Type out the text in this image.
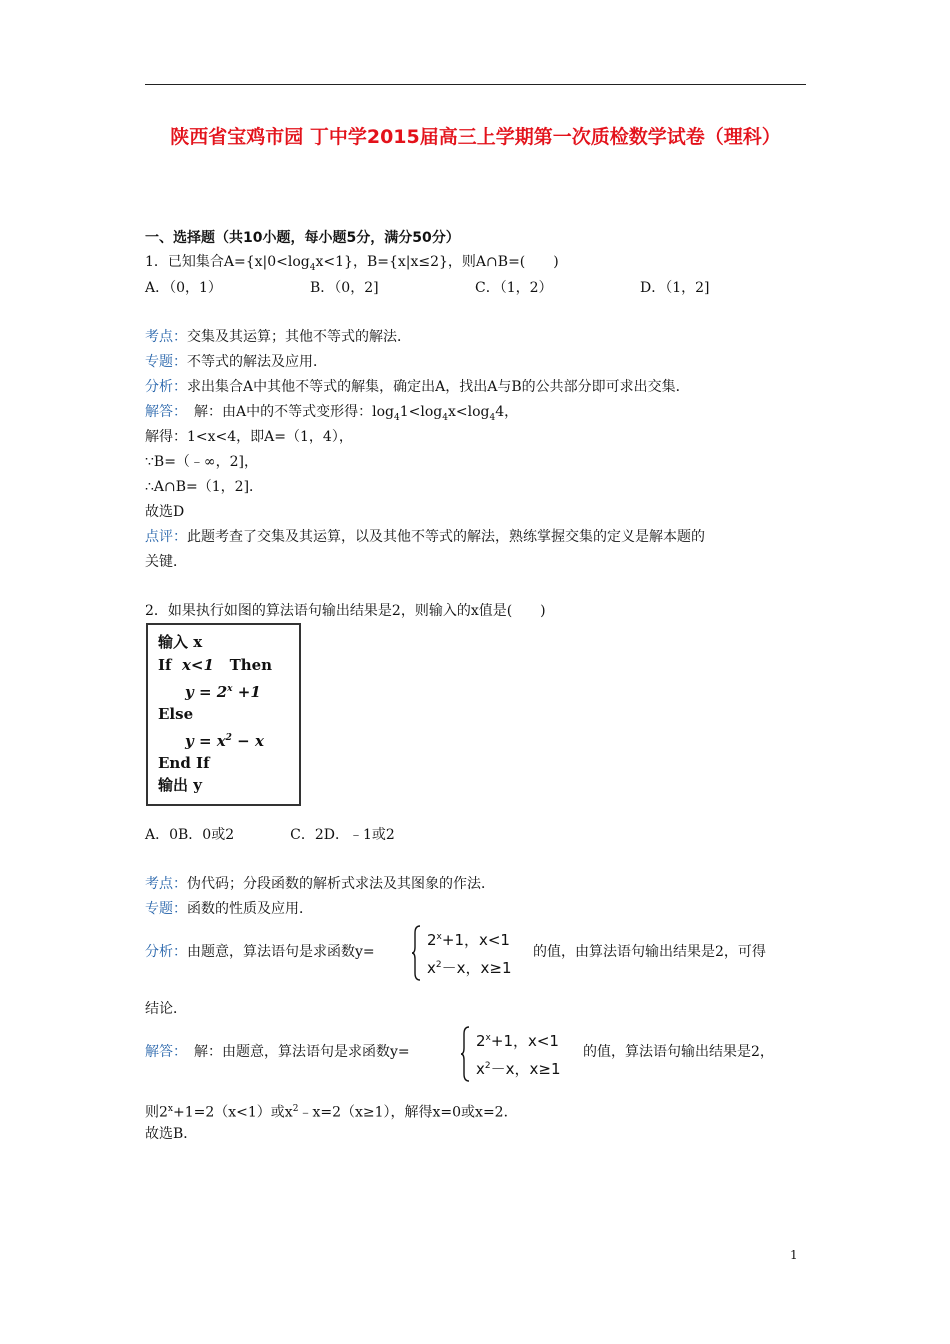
陕西省宝鸡市园 丁中学2015届高三上学期第一次质检数学试卷（理科）
一、选择题（共10小题，每小题5分，满分50分）
1．已知集合$A=\{x|0<\log_4x<1\}$，B={x|x≤2}，则A∩B=(　　)
A．（0，1）	B．（0，2]	C．（1，2）	D．（1，2]
考点：交集及其运算；其他不等式的解法．
专题：不等式的解法及应用．
分析：求出集合A中其他不等式的解集，确定出A，找出A与B的公共部分即可求出交集．
解答：　解：由A中的不等式变形得：$\log_41<\log_4x<\log_44$，
解得：1<x<4，即A=（1，4），
∵B=（﹣∞，2]，
∴A∩B=（1，2]．
故选D
点评：此题考查了交集及其运算，以及其他不等式的解法，熟练掌握交集的定义是解本题的
关键．
2．如果执行如图的算法语句输出结果是2，则输入的x值是(　　)
输入 x
If x<1 Then
$y = 2^x +1$
Else
$y = x^2 - x$
End If
输出 y
A．0B．0或2　　　　C．2D．﹣1或2
考点：伪代码；分段函数的解析式求法及其图象的作法．
专题：函数的性质及应用．
分析：由题意，算法语句是求函数y=
$2^x+1$，x<1
$x^2-x$，x≥1
的值，由算法语句输出结果是2，可得
结论．
解答：　解：由题意，算法语句是求函数y=
$2^x+1$，x<1
$x^2-x$，x≥1
的值，算法语句输出结果是2，
则$2^x+1=2(x<1)$或$x^2﹣x=2(x\ge 1)$，解得x=0或x=2．
故选B．
1
